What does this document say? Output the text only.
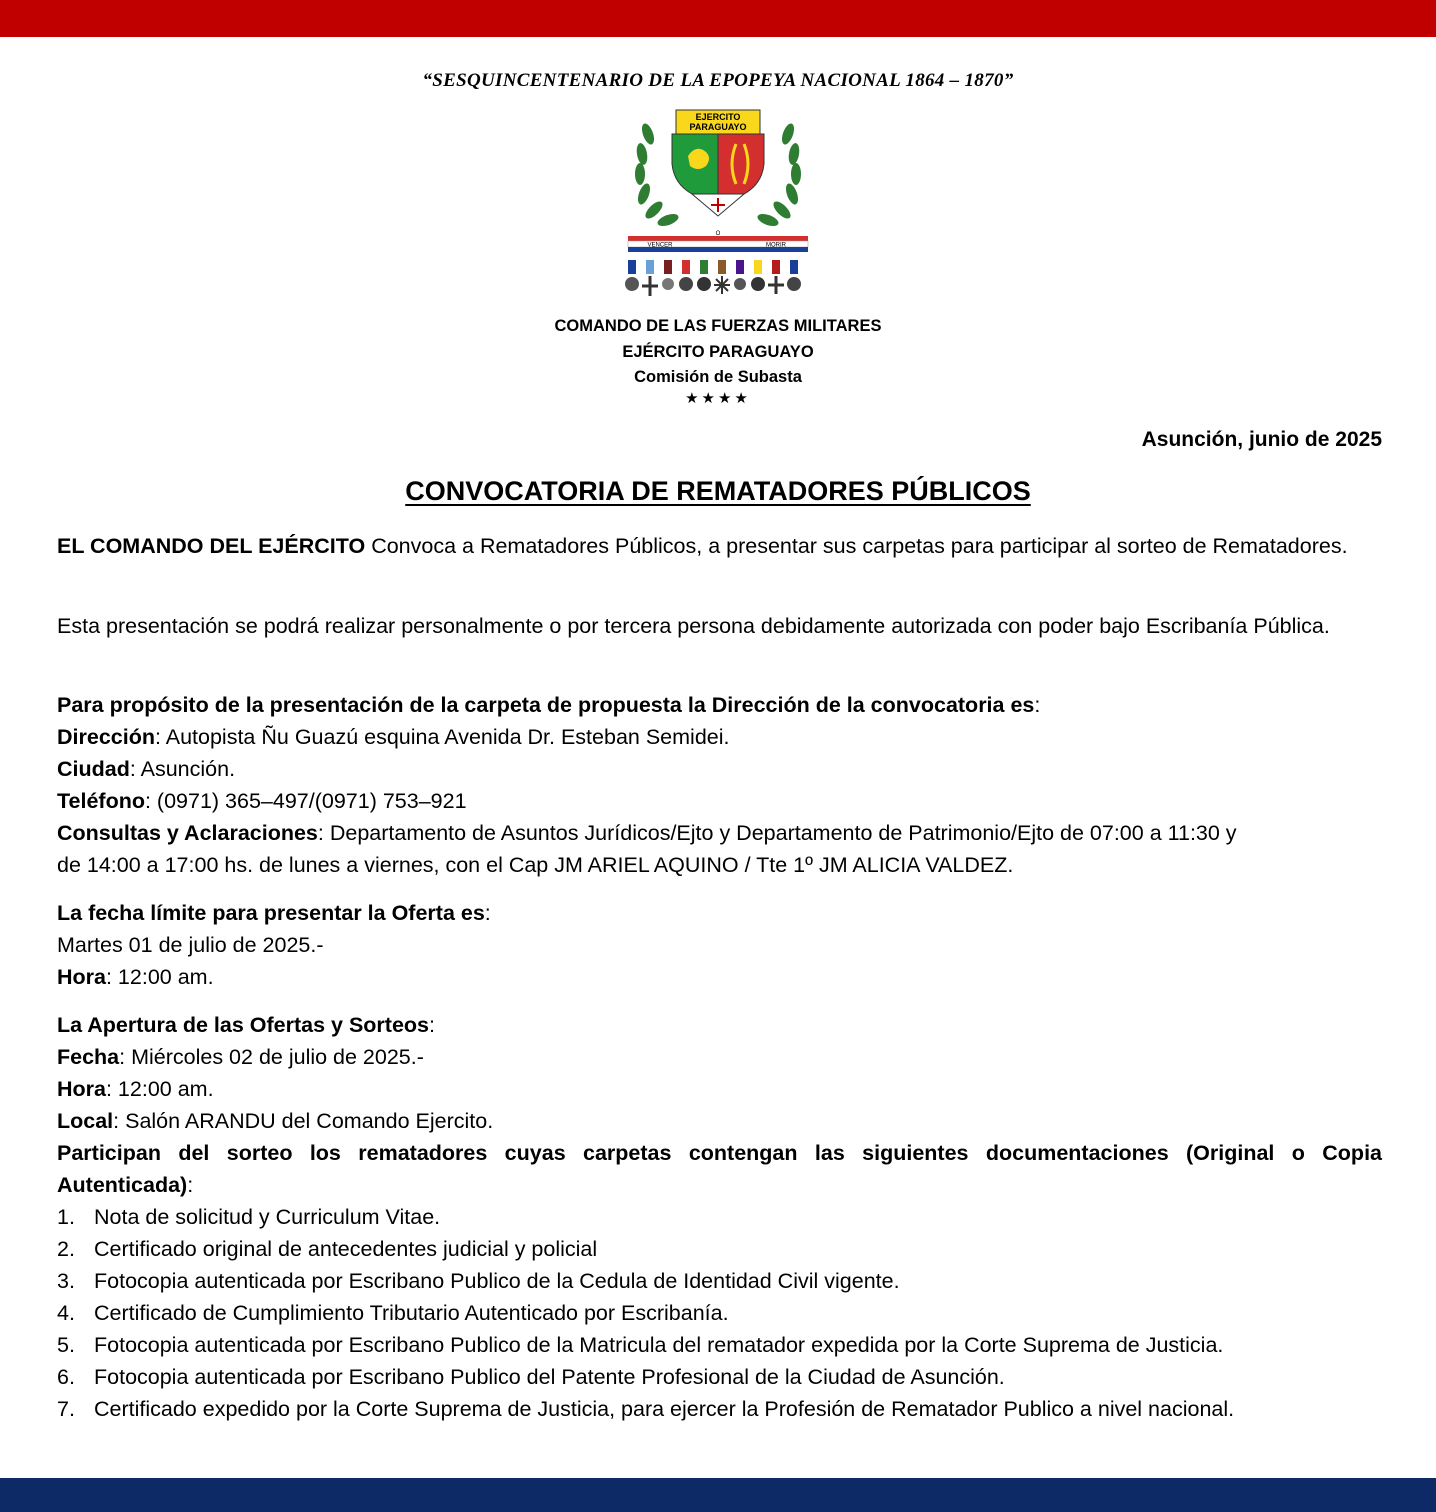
“SESQUINCENTENARIO DE LA EPOPEYA NACIONAL 1864 – 1870”
EJERCITO
PARAGUAYO
VENCER
O
MORIR
COMANDO DE LAS FUERZAS MILITARES
EJÉRCITO PARAGUAYO
Comisión de Subasta
★★★★
Asunción, junio de 2025
CONVOCATORIA DE REMATADORES PÚBLICOS
EL COMANDO DEL EJÉRCITO Convoca a Rematadores Públicos, a presentar sus carpetas para participar al sorteo de Rematadores.
Esta presentación se podrá realizar personalmente o por tercera persona debidamente autorizada con poder bajo Escribanía Pública.
Para propósito de la presentación de la carpeta de propuesta la Dirección de la convocatoria es:
Dirección: Autopista Ñu Guazú esquina Avenida Dr. Esteban Semidei.
Ciudad: Asunción.
Teléfono: (0971) 365–497/(0971) 753–921
Consultas y Aclaraciones: Departamento de Asuntos Jurídicos/Ejto y Departamento de Patrimonio/Ejto de 07:00 a 11:30 y
de 14:00 a 17:00 hs. de lunes a viernes, con el Cap JM ARIEL AQUINO / Tte 1º JM ALICIA VALDEZ.
La fecha límite para presentar la Oferta es:
Martes 01 de julio de 2025.-
Hora: 12:00 am.
La Apertura de las Ofertas y Sorteos:
Fecha: Miércoles 02 de julio de 2025.-
Hora: 12:00 am.
Local: Salón ARANDU del Comando Ejercito.
Participan del sorteo los rematadores cuyas carpetas contengan las siguientes documentaciones (Original o Copia
Autenticada):
1. Nota de solicitud y Curriculum Vitae.
2. Certificado original de antecedentes judicial y policial
3. Fotocopia autenticada por Escribano Publico de la Cedula de Identidad Civil vigente.
4. Certificado de Cumplimiento Tributario Autenticado por Escribanía.
5. Fotocopia autenticada por Escribano Publico de la Matricula del rematador expedida por la Corte Suprema de Justicia.
6. Fotocopia autenticada por Escribano Publico del Patente Profesional de la Ciudad de Asunción.
7. Certificado expedido por la Corte Suprema de Justicia, para ejercer la Profesión de Rematador Publico a nivel nacional.
